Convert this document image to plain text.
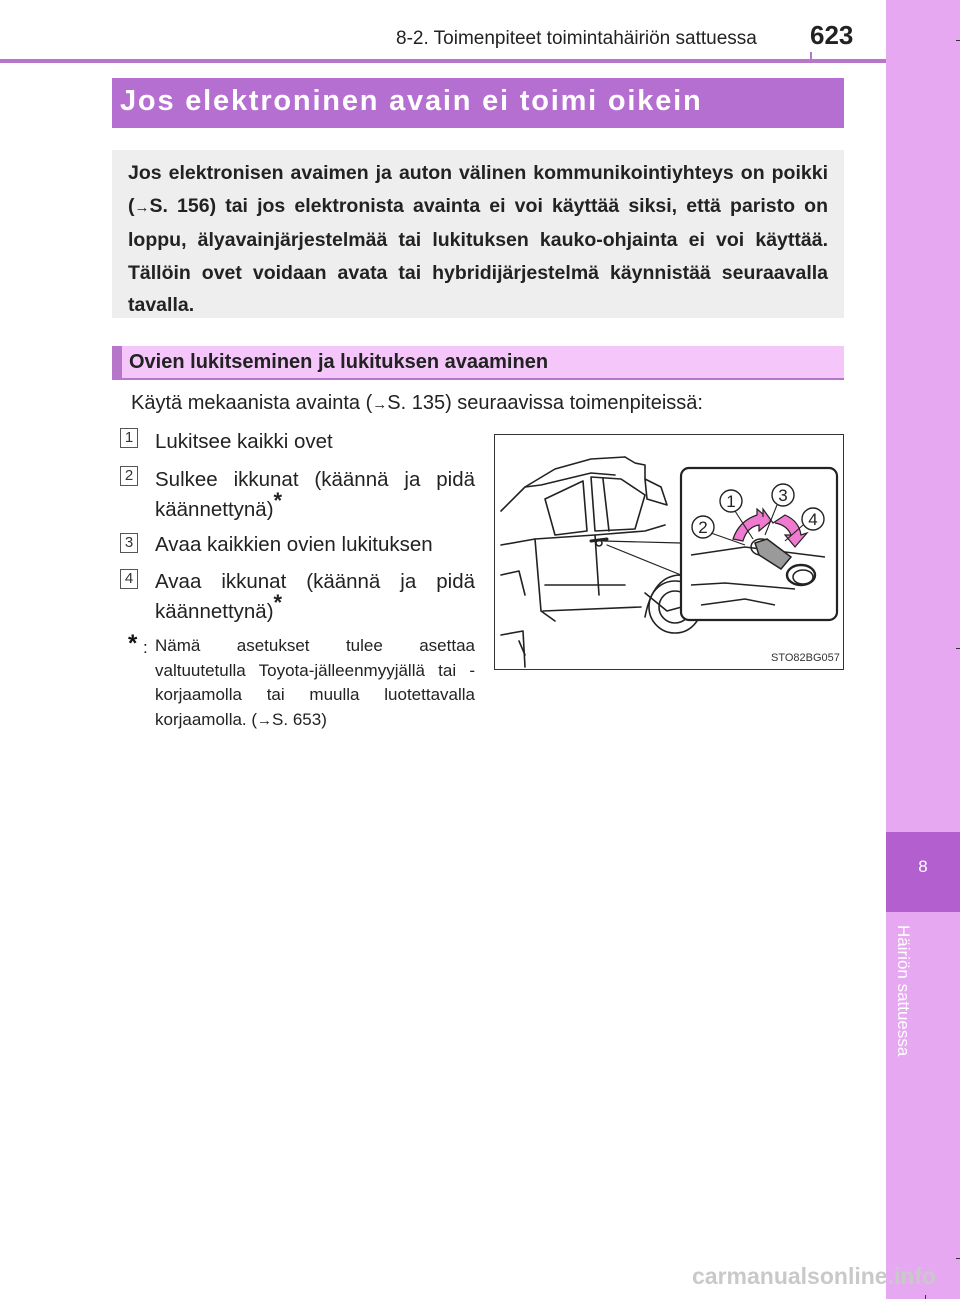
8-2. Toimenpiteet toimintahäiriön sattuessa 623
8
Häiriön sattuessa
Jos elektroninen avain ei toimi oikein
Jos elektronisen avaimen ja auton välinen kommunikointiyhteys on poikki (→S. 156) tai jos elektronista avainta ei voi käyttää siksi, että paristo on loppu, älyavainjärjestelmää tai lukituksen kauko-ohjainta ei voi käyttää. Tällöin ovet voidaan avata tai hybridijärjestelmä käynnistää seuraavalla tavalla.
Ovien lukitseminen ja lukituksen avaaminen
Käytä mekaanista avainta (→S. 135) seuraavissa toimenpiteissä:
1 Lukitsee kaikki ovet
2 Sulkee ikkunat (käännä ja pidä käännettynä)*
3 Avaa kaikkien ovien lukituksen
4 Avaa ikkunat (käännä ja pidä käännettynä)*
* : Nämä asetukset tulee asettaa valtuutetulla Toyota-jälleenmyyjällä tai -korjaamolla tai muulla luotettavalla korjaamolla. (→S. 653)
1
2
3
4
STO82BG057
carmanualsonline.info
